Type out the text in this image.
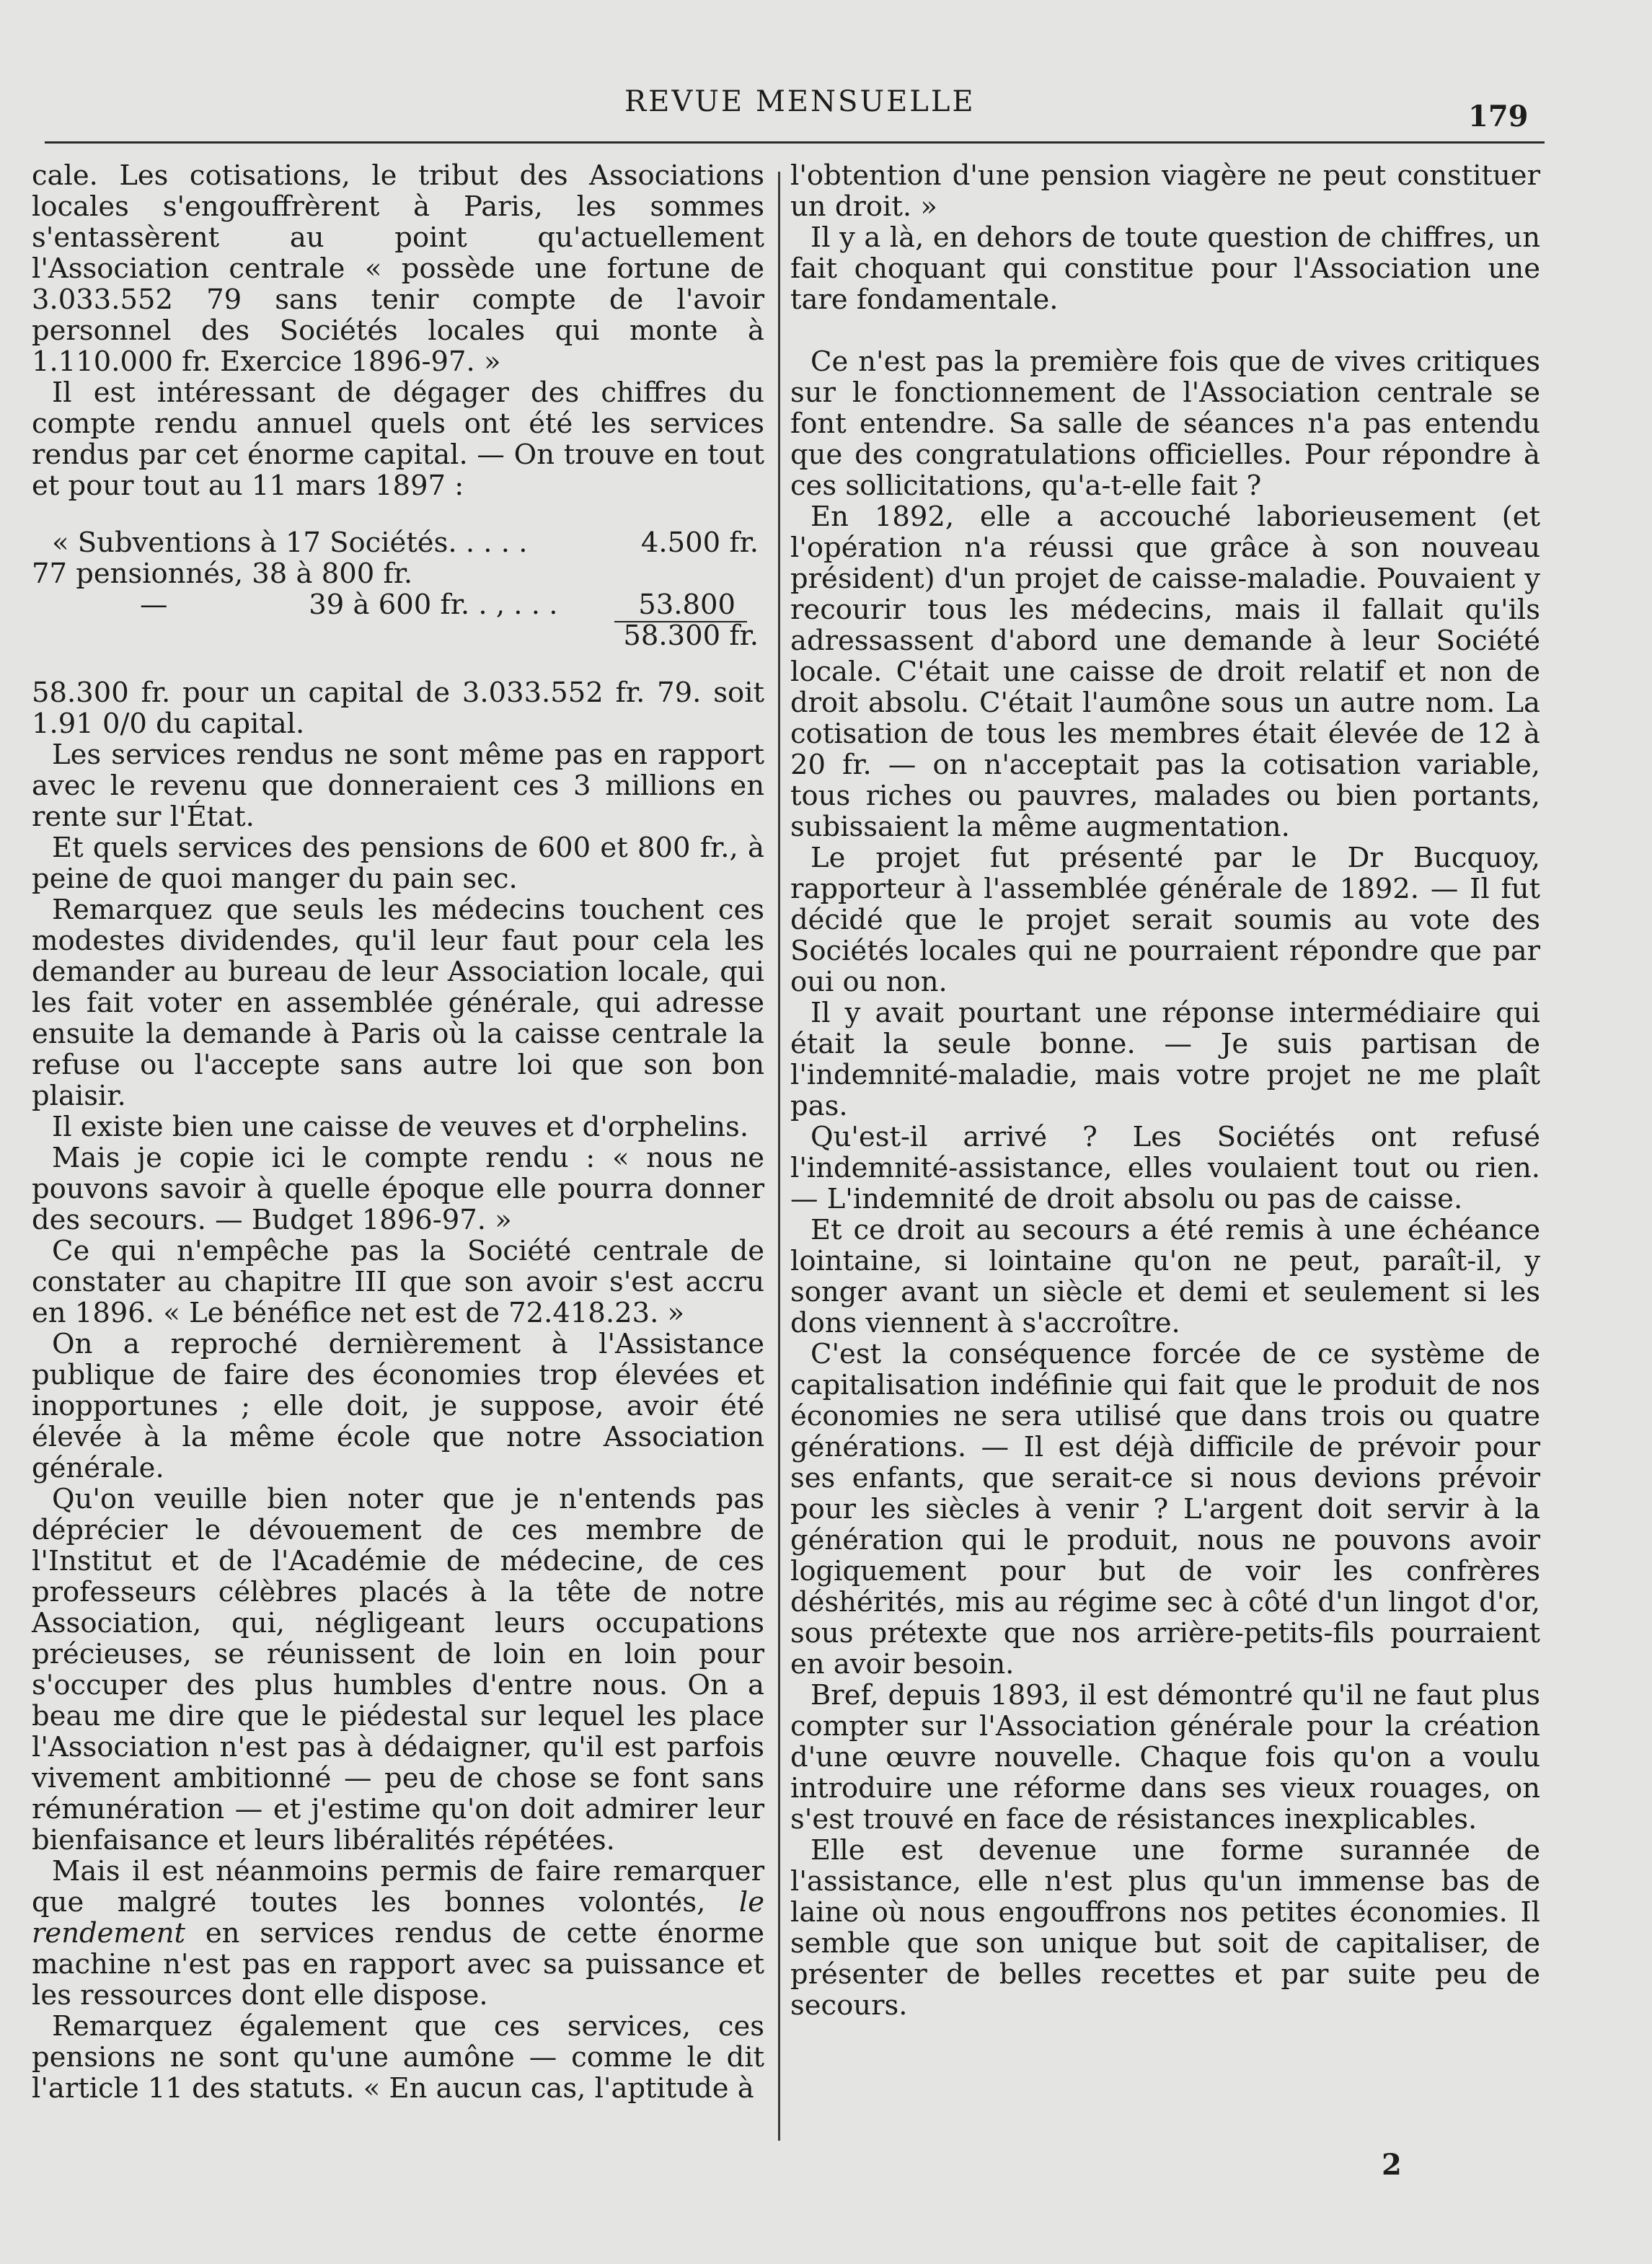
REVUE MENSUELLE	179

cale. Les cotisations, le tribut des Associations locales s'engouffrèrent à Paris, les sommes s'entassèrent au point qu'actuellement l'Association centrale « possède une fortune de 3.033.552 79 sans tenir compte de l'avoir personnel des Sociétés locales qui monte à 1.110.000 fr. Exercice 1896-97. »

Il est intéressant de dégager des chiffres du compte rendu annuel quels ont été les services rendus par cet énorme capital. — On trouve en tout et pour tout au 11 mars 1897 :

« Subventions à 17 Sociétés. . . . .	4.500 fr.
77 pensionnés, 38 à 800 fr.
—                39 à 600 fr. . , . . .	53.800
58.300 fr.

58.300 fr. pour un capital de 3.033.552 fr. 79. soit 1.91 0/0 du capital.

Les services rendus ne sont même pas en rapport avec le revenu que donneraient ces 3 millions en rente sur l'État.

Et quels services des pensions de 600 et 800 fr., à peine de quoi manger du pain sec.

Remarquez que seuls les médecins touchent ces modestes dividendes, qu'il leur faut pour cela les demander au bureau de leur Association locale, qui les fait voter en assemblée générale, qui adresse ensuite la demande à Paris où la caisse centrale la refuse ou l'accepte sans autre loi que son bon plaisir.

Il existe bien une caisse de veuves et d'orphelins.

Mais je copie ici le compte rendu : « nous ne pouvons savoir à quelle époque elle pourra donner des secours. — Budget 1896-97. »

Ce qui n'empêche pas la Société centrale de constater au chapitre III que son avoir s'est accru en 1896. « Le bénéfice net est de 72.418.23. »

On a reproché dernièrement à l'Assistance publique de faire des économies trop élevées et inopportunes ; elle doit, je suppose, avoir été élevée à la même école que notre Association générale.

Qu'on veuille bien noter que je n'entends pas déprécier le dévouement de ces membre de l'Institut et de l'Académie de médecine, de ces professeurs célèbres placés à la tête de notre Association, qui, négligeant leurs occupations précieuses, se réunissent de loin en loin pour s'occuper des plus humbles d'entre nous. On a beau me dire que le piédestal sur lequel les place l'Association n'est pas à dédaigner, qu'il est parfois vivement ambitionné — peu de chose se font sans rémunération — et j'estime qu'on doit admirer leur bienfaisance et leurs libéralités répétées.

Mais il est néanmoins permis de faire remarquer que malgré toutes les bonnes volontés, le rendement en services rendus de cette énorme machine n'est pas en rapport avec sa puissance et les ressources dont elle dispose.

Remarquez également que ces services, ces pensions ne sont qu'une aumône — comme le dit l'article 11 des statuts. « En aucun cas, l'aptitude à

l'obtention d'une pension viagère ne peut constituer un droit. »

Il y a là, en dehors de toute question de chiffres, un fait choquant qui constitue pour l'Association une tare fondamentale.

Ce n'est pas la première fois que de vives critiques sur le fonctionnement de l'Association centrale se font entendre. Sa salle de séances n'a pas entendu que des congratulations officielles. Pour répondre à ces sollicitations, qu'a-t-elle fait ?

En 1892, elle a accouché laborieusement (et l'opération n'a réussi que grâce à son nouveau président) d'un projet de caisse-maladie. Pouvaient y recourir tous les médecins, mais il fallait qu'ils adressassent d'abord une demande à leur Société locale. C'était une caisse de droit relatif et non de droit absolu. C'était l'aumône sous un autre nom. La cotisation de tous les membres était élevée de 12 à 20 fr. — on n'acceptait pas la cotisation variable, tous riches ou pauvres, malades ou bien portants, subissaient la même augmentation.

Le projet fut présenté par le Dr Bucquoy, rapporteur à l'assemblée générale de 1892. — Il fut décidé que le projet serait soumis au vote des Sociétés locales qui ne pourraient répondre que par oui ou non.

Il y avait pourtant une réponse intermédiaire qui était la seule bonne. — Je suis partisan de l'indemnité-maladie, mais votre projet ne me plaît pas.

Qu'est-il arrivé ? Les Sociétés ont refusé l'indemnité-assistance, elles voulaient tout ou rien. — L'indemnité de droit absolu ou pas de caisse.

Et ce droit au secours a été remis à une échéance lointaine, si lointaine qu'on ne peut, paraît-il, y songer avant un siècle et demi et seulement si les dons viennent à s'accroître.

C'est la conséquence forcée de ce système de capitalisation indéfinie qui fait que le produit de nos économies ne sera utilisé que dans trois ou quatre générations. — Il est déjà difficile de prévoir pour ses enfants, que serait-ce si nous devions prévoir pour les siècles à venir ? L'argent doit servir à la génération qui le produit, nous ne pouvons avoir logiquement pour but de voir les confrères déshérités, mis au régime sec à côté d'un lingot d'or, sous prétexte que nos arrière-petits-fils pourraient en avoir besoin.

Bref, depuis 1893, il est démontré qu'il ne faut plus compter sur l'Association générale pour la création d'une œuvre nouvelle. Chaque fois qu'on a voulu introduire une réforme dans ses vieux rouages, on s'est trouvé en face de résistances inexplicables.

Elle est devenue une forme surannée de l'assistance, elle n'est plus qu'un immense bas de laine où nous engouffrons nos petites économies. Il semble que son unique but soit de capitaliser, de présenter de belles recettes et par suite peu de secours.

2
